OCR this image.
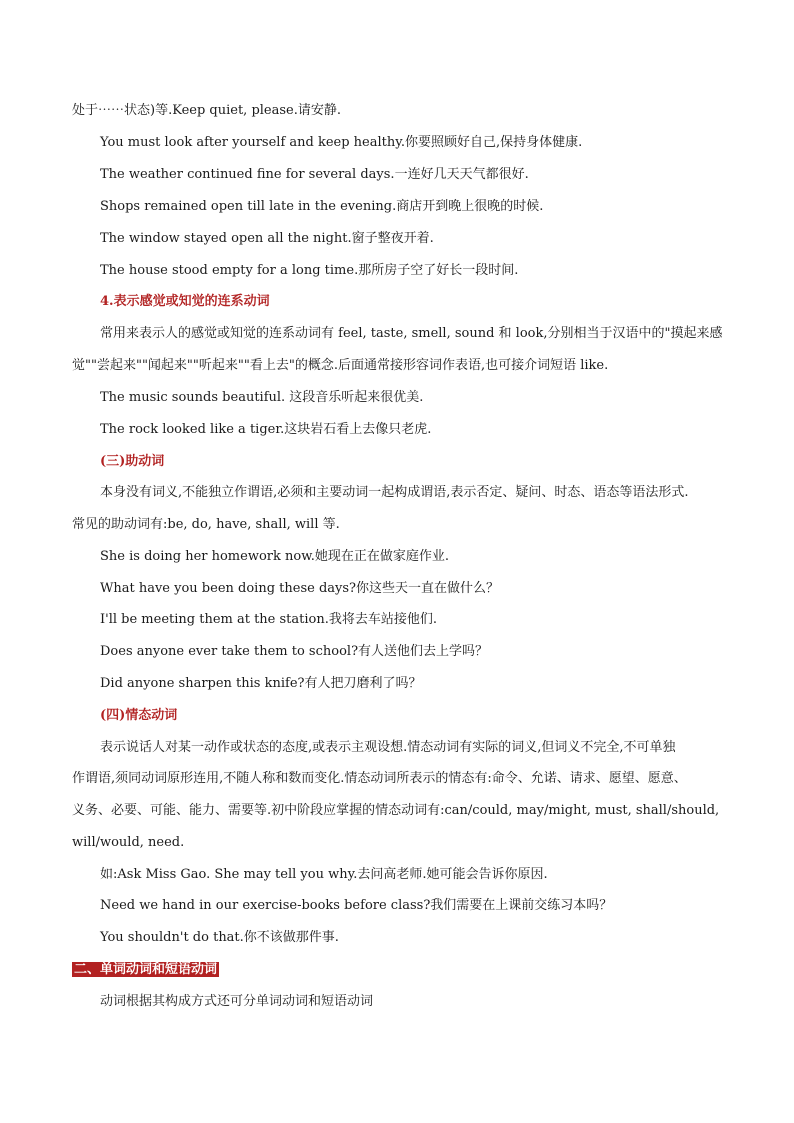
处于⋯⋯状态)等.Keep quiet, please.请安静.
You must look after yourself and keep healthy.你要照顾好自己,保持身体健康.
The weather continued fine for several days.一连好几天天气都很好.
Shops remained open till late in the evening.商店开到晚上很晚的时候.
The window stayed open all the night.窗子整夜开着.
The house stood empty for a long time.那所房子空了好长一段时间.
4.表示感觉或知觉的连系动词
常用来表示人的感觉或知觉的连系动词有 feel, taste, smell, sound 和 look,分别相当于汉语中的"摸起来感
觉""尝起来""闻起来""听起来""看上去"的概念.后面通常接形容词作表语,也可接介词短语 like.
The music sounds beautiful. 这段音乐听起来很优美.
The rock looked like a tiger.这块岩石看上去像只老虎.
(三)助动词
本身没有词义,不能独立作谓语,必须和主要动词一起构成谓语,表示否定、疑问、时态、语态等语法形式.
常见的助动词有:be, do, have, shall, will 等.
She is doing her homework now.她现在正在做家庭作业.
What have you been doing these days?你这些天一直在做什么？
I'll be meeting them at the station.我将去车站接他们.
Does anyone ever take them to school?有人送他们去上学吗？
Did anyone sharpen this knife?有人把刀磨利了吗？
(四)情态动词
表示说话人对某一动作或状态的态度,或表示主观设想.情态动词有实际的词义,但词义不完全,不可单独
作谓语,须同动词原形连用,不随人称和数而变化.情态动词所表示的情态有:命令、允诺、请求、愿望、愿意、
义务、必要、可能、能力、需要等.初中阶段应掌握的情态动词有:can/could, may/might, must, shall/should,
will/would, need.
如:Ask Miss Gao. She may tell you why.去问高老师.她可能会告诉你原因.
Need we hand in our exercise-books before class?我们需要在上课前交练习本吗？
You shouldn't do that.你不该做那件事.
二、单词动词和短语动词
动词根据其构成方式还可分单词动词和短语动词
